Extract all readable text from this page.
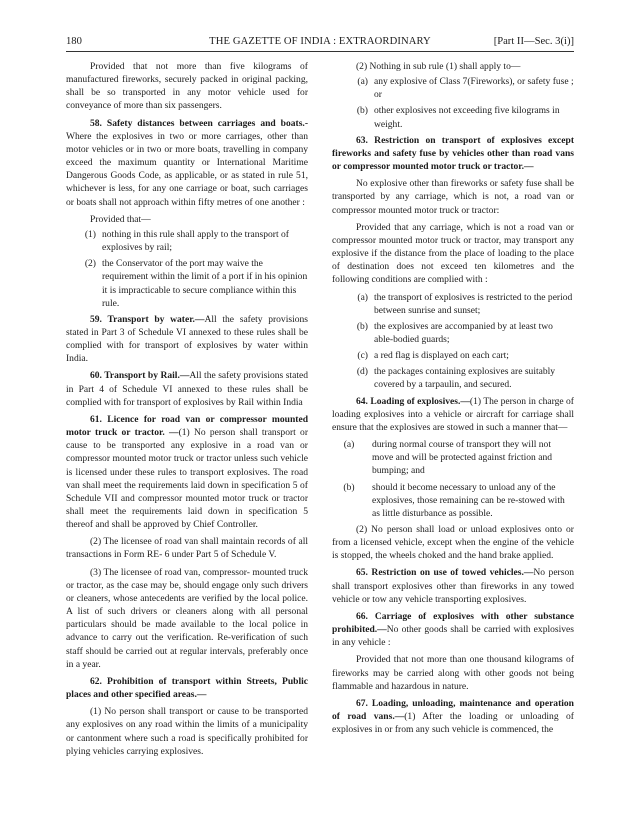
180	THE GAZETTE OF INDIA : EXTRAORDINARY	[Part II—Sec. 3(i)]

Provided that not more than five kilograms of manufactured fireworks, securely packed in original packing, shall be so transported in any motor vehicle used for conveyance of more than six passengers.

58. Safety distances between carriages and boats.- Where the explosives in two or more carriages, other than motor vehicles or in two or more boats, travelling in company exceed the maximum quantity or International Maritime Dangerous Goods Code, as applicable, or as stated in rule 51, whichever is less, for any one carriage or boat, such carriages or boats shall not approach within fifty metres of one another :

Provided that—

(1) nothing in this rule shall apply to the transport of explosives by rail;
(2) the Conservator of the port may waive the requirement within the limit of a port if in his opinion it is impracticable to secure compliance within this rule.

59. Transport by water.—All the safety provisions stated in Part 3 of Schedule VI annexed to these rules shall be complied with for transport of explosives by water within India.

60. Transport by Rail.—All the safety provisions stated in Part 4 of Schedule VI annexed to these rules shall be complied with for transport of explosives by Rail within India

61. Licence for road van or compressor mounted motor truck or tractor. —(1) No person shall transport or cause to be transported any explosive in a road van or compressor mounted motor truck or tractor unless such vehicle is licensed under these rules to transport explosives. The road van shall meet the requirements laid down in specification 5 of Schedule VII and compressor mounted motor truck or tractor shall meet the requirements laid down in specification 5 thereof and shall be approved by Chief Controller.

(2) The licensee of road van shall maintain records of all transactions in Form RE- 6 under Part 5 of Schedule V.

(3) The licensee of road van, compressor- mounted truck or tractor, as the case may be, should engage only such drivers or cleaners, whose antecedents are verified by the local police. A list of such drivers or cleaners along with all personal particulars should be made available to the local police in advance to carry out the verification. Re-verification of such staff should be carried out at regular intervals, preferably once in a year.

62. Prohibition of transport within Streets, Public places and other specified areas.—

(1) No person shall transport or cause to be transported any explosives on any road within the limits of a municipality or cantonment where such a road is specifically prohibited for plying vehicles carrying explosives.

(2) Nothing in sub rule (1) shall apply to—

(a) any explosive of Class 7(Fireworks), or safety fuse ; or
(b) other explosives not exceeding five kilograms in weight.

63. Restriction on transport of explosives except fireworks and safety fuse by vehicles other than road vans or compressor mounted motor truck or tractor.—

No explosive other than fireworks or safety fuse shall be transported by any carriage, which is not, a road van or compressor mounted motor truck or tractor:

Provided that any carriage, which is not a road van or compressor mounted motor truck or tractor, may transport any explosive if the distance from the place of loading to the place of destination does not exceed ten kilometres and the following conditions are complied with :

(a) the transport of explosives is restricted to the period between sunrise and sunset;
(b) the explosives are accompanied by at least two able-bodied guards;
(c) a red flag is displayed on each cart;
(d) the packages containing explosives are suitably covered by a tarpaulin, and secured.

64. Loading of explosives.—(1) The person in charge of loading explosives into a vehicle or aircraft for carriage shall ensure that the explosives are stowed in such a manner that—

(a)	during normal course of transport they will not move and will be protected against friction and bumping; and
(b)	should it become necessary to unload any of the explosives, those remaining can be re-stowed with as little disturbance as possible.

(2) No person shall load or unload explosives onto or from a licensed vehicle, except when the engine of the vehicle is stopped, the wheels choked and the hand brake applied.

65. Restriction on use of towed vehicles.—No person shall transport explosives other than fireworks in any towed vehicle or tow any vehicle transporting explosives.

66. Carriage of explosives with other substance prohibited.—No other goods shall be carried with explosives in any vehicle :

Provided that not more than one thousand kilograms of fireworks may be carried along with other goods not being flammable and hazardous in nature.

67. Loading, unloading, maintenance and operation of road vans.—(1) After the loading or unloading of explosives in or from any such vehicle is commenced, the
